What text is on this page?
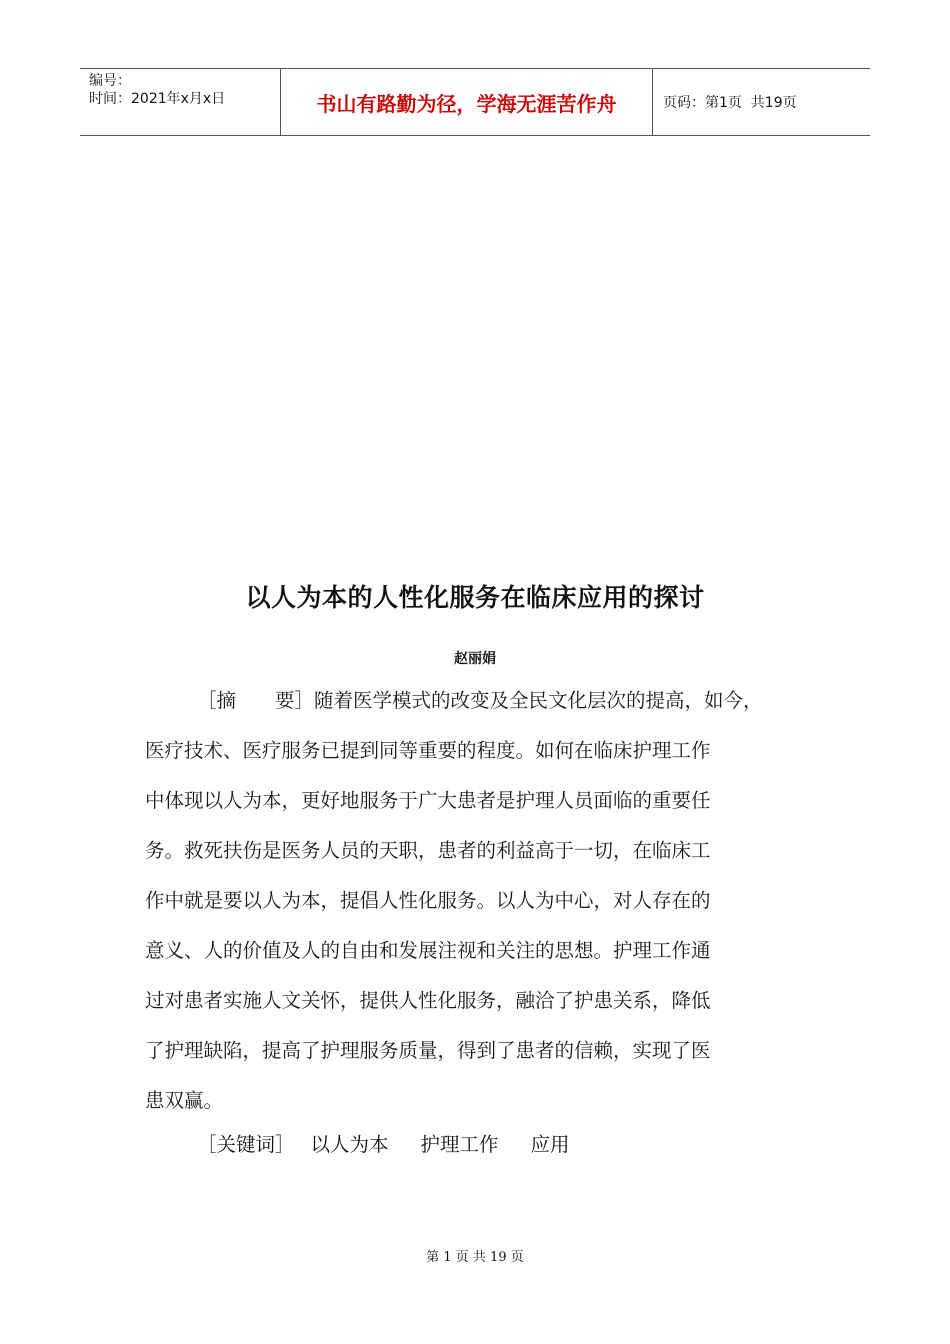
编号：
时间：2021年x月x日	书山有路勤为径，学海无涯苦作舟	页码：第1页  共19页
以人为本的人性化服务在临床应用的探讨
赵丽娟
［摘　　要］随着医学模式的改变及全民文化层次的提高，如今，
医疗技术、医疗服务已提到同等重要的程度。如何在临床护理工作
中体现以人为本，更好地服务于广大患者是护理人员面临的重要任
务。救死扶伤是医务人员的天职，患者的利益高于一切，在临床工
作中就是要以人为本，提倡人性化服务。以人为中心，对人存在的
意义、人的价值及人的自由和发展注视和关注的思想。护理工作通
过对患者实施人文关怀，提供人性化服务，融洽了护患关系，降低
了护理缺陷，提高了护理服务质量，得到了患者的信赖，实现了医
患双赢。
［关键词］ 以人为本 护理工作 应用
第 1 页 共 19 页
